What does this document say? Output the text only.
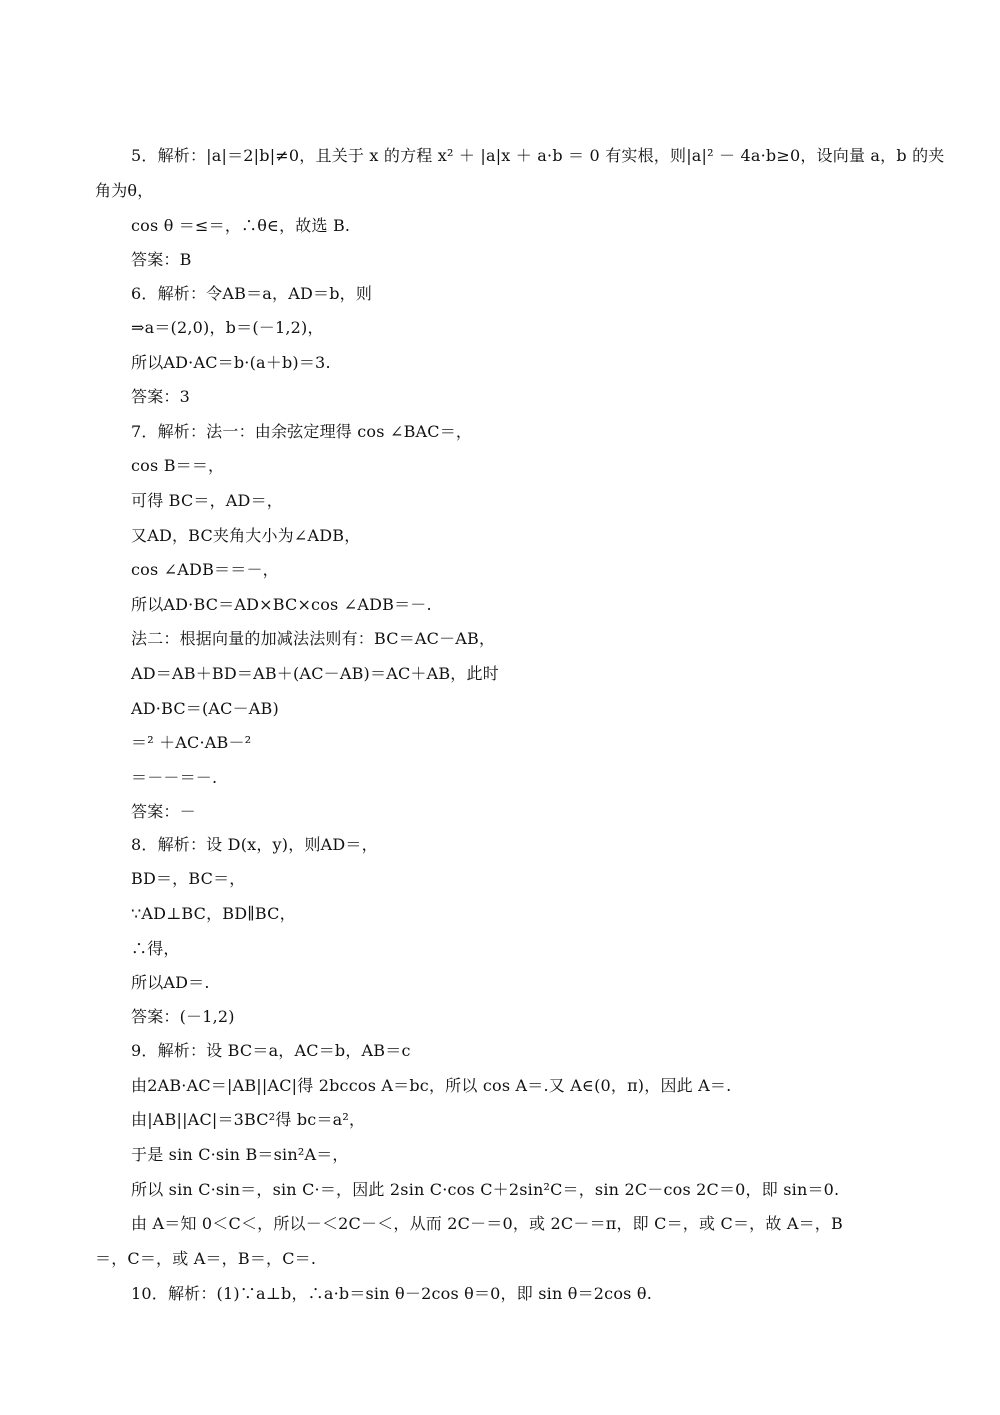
5．解析：|a|＝2|b|≠0，且关于 x 的方程 x² ＋ |a|x ＋ a·b ＝ 0 有实根，则|a|² － 4a·b≥0，设向量 a，b 的夹
角为θ，
cos θ ＝≤＝，∴θ∈，故选 B.
答案：B
6．解析：令AB＝a，AD＝b，则
⇒a＝(2,0)，b＝(－1,2)，
所以AD·AC＝b·(a＋b)＝3.
答案：3
7．解析：法一：由余弦定理得 cos ∠BAC＝，
cos B＝＝，
可得 BC＝，AD＝，
又AD，BC夹角大小为∠ADB，
cos ∠ADB＝＝－，
所以AD·BC＝AD×BC×cos ∠ADB＝－.
法二：根据向量的加减法法则有：BC＝AC－AB，
AD＝AB＋BD＝AB＋(AC－AB)＝AC＋AB，此时
AD·BC＝(AC－AB)
＝² ＋AC·AB－²
＝－－＝－.
答案：－
8．解析：设 D(x，y)，则AD＝，
BD＝，BC＝，
∵AD⊥BC，BD∥BC，
∴得，
所以AD＝.
答案：(－1,2)
9．解析：设 BC＝a，AC＝b，AB＝c
由2AB·AC＝|AB||AC|得 2bccos A＝bc，所以 cos A＝.又 A∈(0，π)，因此 A＝.
由|AB||AC|＝3BC²得 bc＝a²，
于是 sin C·sin B＝sin²A＝，
所以 sin C·sin＝，sin C·＝，因此 2sin C·cos C＋2sin²C＝，sin 2C－cos 2C＝0，即 sin＝0.
由 A＝知 0＜C＜，所以－＜2C－＜，从而 2C－＝0，或 2C－＝π，即 C＝，或 C＝，故 A＝，B
＝，C＝，或 A＝，B＝，C＝.
10．解析：(1)∵a⊥b，∴a·b＝sin θ－2cos θ＝0，即 sin θ＝2cos θ.
